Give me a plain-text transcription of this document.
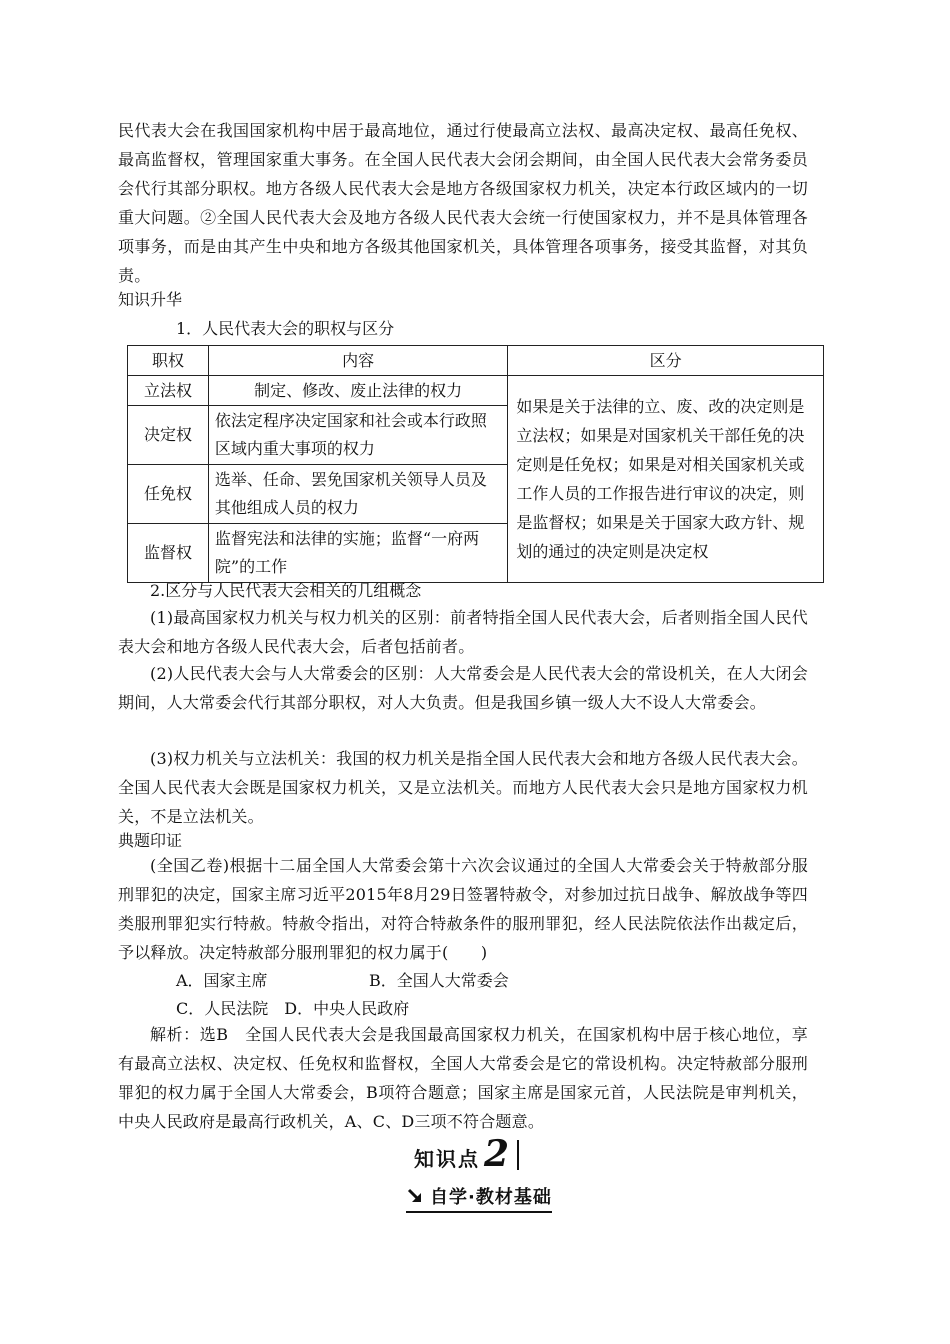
民代表大会在我国国家机构中居于最高地位，通过行使最高立法权、最高决定权、最高任免权、最高监督权，管理国家重大事务。在全国人民代表大会闭会期间，由全国人民代表大会常务委员会代行其部分职权。地方各级人民代表大会是地方各级国家权力机关，决定本行政区域内的一切重大问题。②全国人民代表大会及地方各级人民代表大会统一行使国家权力，并不是具体管理各项事务，而是由其产生中央和地方各级其他国家机关，具体管理各项事务，接受其监督，对其负责。

知识升华

1．人民代表大会的职权与区分

职权	内容	区分
立法权	制定、修改、废止法律的权力	如果是关于法律的立、废、改的决定则是立法权；如果是对国家机关干部任免的决定则是任免权；如果是对相关国家机关或工作人员的工作报告进行审议的决定，则是监督权；如果是关于国家大政方针、规划的通过的决定则是决定权
决定权	依法定程序决定国家和社会或本行政照区域内重大事项的权力	
任免权	选举、任命、罢免国家机关领导人员及其他组成人员的权力	
监督权	监督宪法和法律的实施；监督“一府两院”的工作	

2.区分与人民代表大会相关的几组概念

(1)最高国家权力机关与权力机关的区别：前者特指全国人民代表大会，后者则指全国人民代表大会和地方各级人民代表大会，后者包括前者。

(2)人民代表大会与人大常委会的区别：人大常委会是人民代表大会的常设机关，在人大闭会期间，人大常委会代行其部分职权，对人大负责。但是我国乡镇一级人大不设人大常委会。

(3)权力机关与立法机关：我国的权力机关是指全国人民代表大会和地方各级人民代表大会。全国人民代表大会既是国家权力机关，又是立法机关。而地方人民代表大会只是地方国家权力机关，不是立法机关。

典题印证

(全国乙卷)根据十二届全国人大常委会第十六次会议通过的全国人大常委会关于特赦部分服刑罪犯的决定，国家主席习近平2015年8月29日签署特赦令，对参加过抗日战争、解放战争等四类服刑罪犯实行特赦。特赦令指出，对符合特赦条件的服刑罪犯，经人民法院依法作出裁定后，予以释放。决定特赦部分服刑罪犯的权力属于(　　)

A．国家主席	B．全国人大常委会

C．人民法院　D．中央人民政府

解析：选B　全国人民代表大会是我国最高国家权力机关，在国家机构中居于核心地位，享有最高立法权、决定权、任免权和监督权，全国人大常委会是它的常设机构。决定特赦部分服刑罪犯的权力属于全国人大常委会，B项符合题意；国家主席是国家元首，人民法院是审判机关，中央人民政府是最高行政机关，A、C、D三项不符合题意。

知识点 2
自学·教材基础
